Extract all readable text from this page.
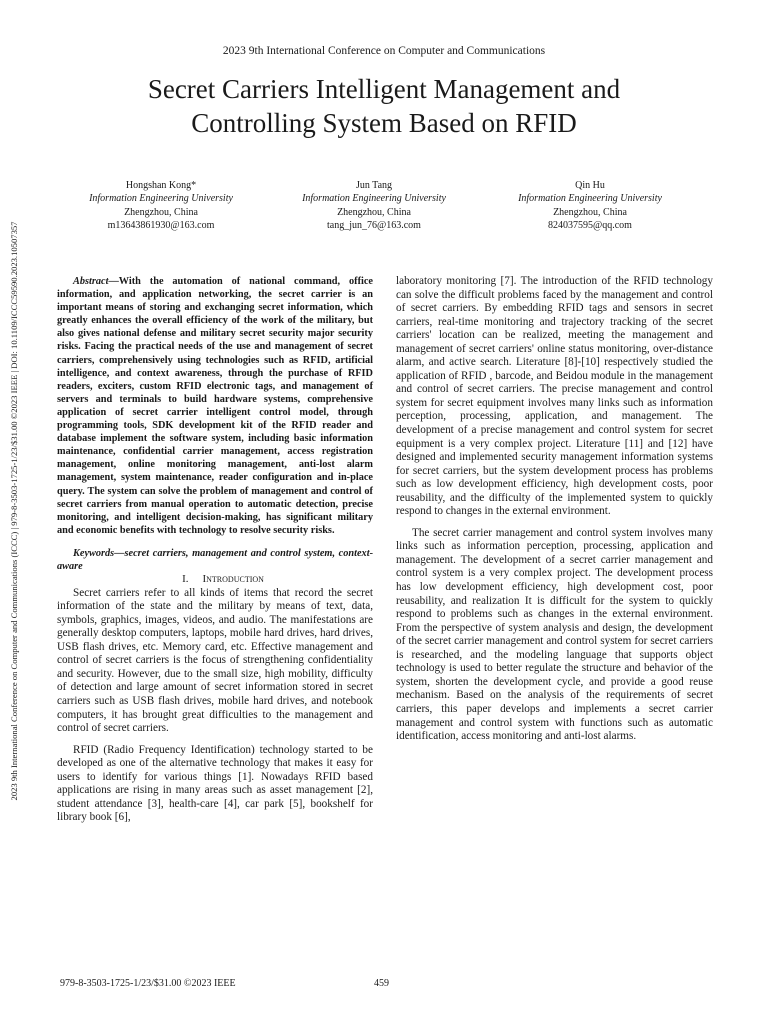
2023 9th International Conference on Computer and Communications
Secret Carriers Intelligent Management and
Controlling System Based on RFID
2023 9th International Conference on Computer and Communications (ICCC) | 979-8-3503-1725-1/23/$31.00 ©2023 IEEE | DOI: 10.1109/ICCC59590.2023.10507357
Hongshan Kong*
Information Engineering University
Zhengzhou, China
m13643861930@163.com
Jun Tang
Information Engineering University
Zhengzhou, China
tang_jun_76@163.com
Qin Hu
Information Engineering University
Zhengzhou, China
824037595@qq.com

Abstract—With the automation of national command, office information, and application networking, the secret carrier is an important means of storing and exchanging secret information, which greatly enhances the overall efficiency of the work of the military, but also gives national defense and military secret security major security risks. Facing the practical needs of the use and management of secret carriers, comprehensively using technologies such as RFID, artificial intelligence, and context awareness, through the purchase of RFID readers, exciters, custom RFID electronic tags, and management of servers and terminals to build hardware systems, comprehensive application of secret carrier intelligent control model, through programming tools, SDK development kit of the RFID reader and database implement the software system, including basic information maintenance, confidential carrier management, access registration management, online monitoring management, anti-lost alarm management, system maintenance, reader configuration and in-place query. The system can solve the problem of management and control of secret carriers from manual operation to automatic detection, precise monitoring, and intelligent decision-making, has significant military and economic benefits with technology to resolve security risks.

Keywords—secret carriers, management and control system, context-aware

I. Introduction

Secret carriers refer to all kinds of items that record the secret information of the state and the military by means of text, data, symbols, graphics, images, videos, and audio. The manifestations are generally desktop computers, laptops, mobile hard drives, hard drives, USB flash drives, etc. Memory card, etc. Effective management and control of secret carriers is the focus of strengthening confidentiality and security. However, due to the small size, high mobility, difficulty of detection and large amount of secret information stored in secret carriers such as USB flash drives, mobile hard drives, and notebook computers, it has brought great difficulties to the management and control of secret carriers.

RFID (Radio Frequency Identification) technology started to be developed as one of the alternative technology that makes it easy for users to identify for various things [1]. Nowadays RFID based applications are rising in many areas such as asset management [2], student attendance [3], health-care [4], car park [5], bookshelf for library book [6],

laboratory monitoring [7]. The introduction of the RFID technology can solve the difficult problems faced by the management and control of secret carriers. By embedding RFID tags and sensors in secret carriers, real-time monitoring and trajectory tracking of the secret carriers' location can be realized, meeting the management and management of secret carriers' online status monitoring, over-distance alarm, and active search. Literature [8]-[10] respectively studied the application of RFID , barcode, and Beidou module in the management and control of secret carriers. The precise management and control system for secret equipment involves many links such as information perception, processing, application, and management. The development of a precise management and control system for secret equipment is a very complex project. Literature [11] and [12] have designed and implemented security management information systems for secret carriers, but the system development process has problems such as low development efficiency, high development costs, poor reusability, and the difficulty of the implemented system to quickly respond to changes in the external environment.

The secret carrier management and control system involves many links such as information perception, processing, application and management. The development of a secret carrier management and control system is a very complex project. The development process has low development efficiency, high development cost, poor reusability, and realization It is difficult for the system to quickly respond to problems such as changes in the external environment. From the perspective of system analysis and design, the development of the secret carrier management and control system for secret carriers is researched, and the modeling language that supports object technology is used to better regulate the structure and behavior of the system, shorten the development cycle, and provide a good reuse mechanism. Based on the analysis of the requirements of secret carriers, this paper develops and implements a secret carrier management and control system with functions such as automatic identification, access monitoring and anti-lost alarms.

979-8-3503-1725-1/23/$31.00 ©2023 IEEE	459
